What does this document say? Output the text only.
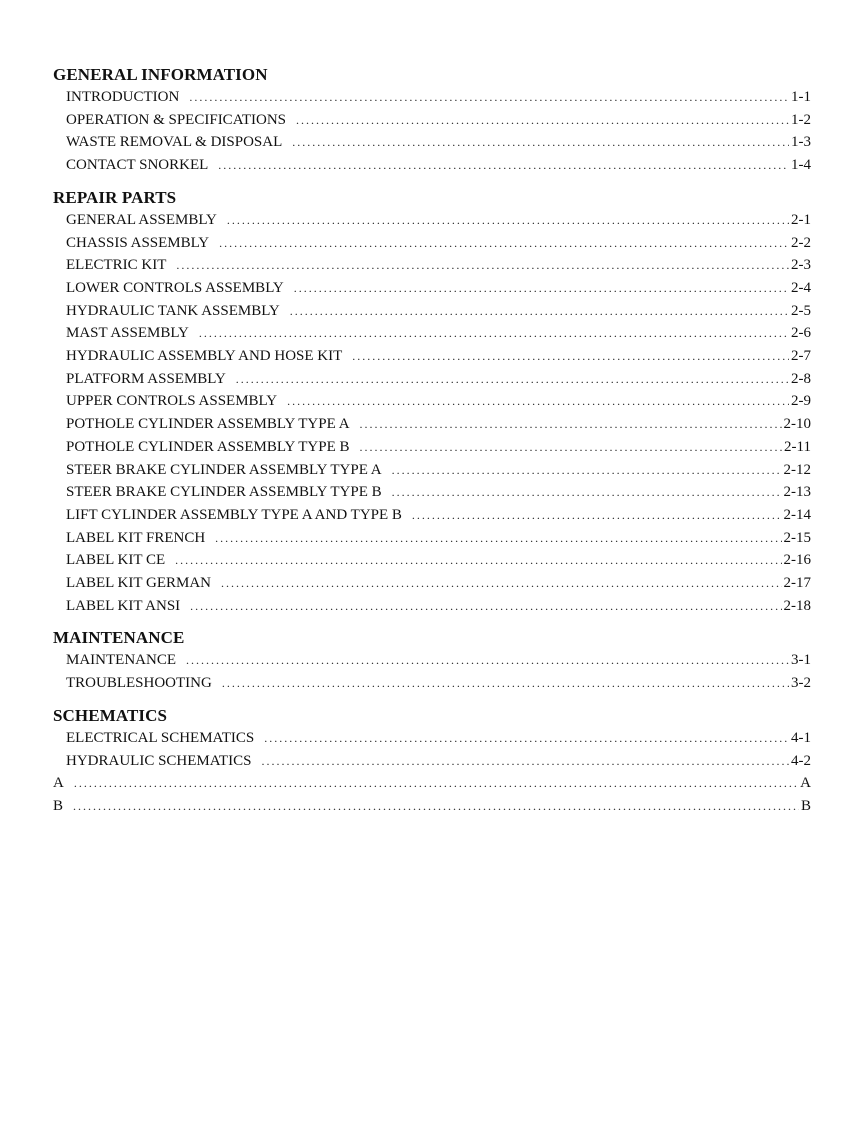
GENERAL INFORMATION
INTRODUCTION . . .	1-1
OPERATION & SPECIFICATIONS . . .	1-2
WASTE REMOVAL & DISPOSAL . . .	1-3
CONTACT SNORKEL . . .	1-4
REPAIR PARTS
GENERAL ASSEMBLY . . .	2-1
CHASSIS ASSEMBLY . . .	2-2
ELECTRIC KIT . . .	2-3
LOWER CONTROLS ASSEMBLY . . .	2-4
HYDRAULIC TANK ASSEMBLY . . .	2-5
MAST ASSEMBLY . . .	2-6
HYDRAULIC ASSEMBLY AND HOSE KIT . . .	2-7
PLATFORM ASSEMBLY . . .	2-8
UPPER CONTROLS ASSEMBLY . . .	2-9
POTHOLE CYLINDER ASSEMBLY TYPE A . . .	2-10
POTHOLE CYLINDER ASSEMBLY TYPE B . . .	2-11
STEER BRAKE CYLINDER ASSEMBLY TYPE A . . .	2-12
STEER BRAKE CYLINDER ASSEMBLY TYPE B . . .	2-13
LIFT CYLINDER ASSEMBLY TYPE A AND TYPE B . . .	2-14
LABEL KIT FRENCH . . .	2-15
LABEL KIT CE . . .	2-16
LABEL KIT GERMAN . . .	2-17
LABEL KIT ANSI . . .	2-18
MAINTENANCE
MAINTENANCE . . .	3-1
TROUBLESHOOTING . . .	3-2
SCHEMATICS
ELECTRICAL SCHEMATICS . . .	4-1
HYDRAULIC SCHEMATICS . . .	4-2
A . . .	A
B . . .	B
